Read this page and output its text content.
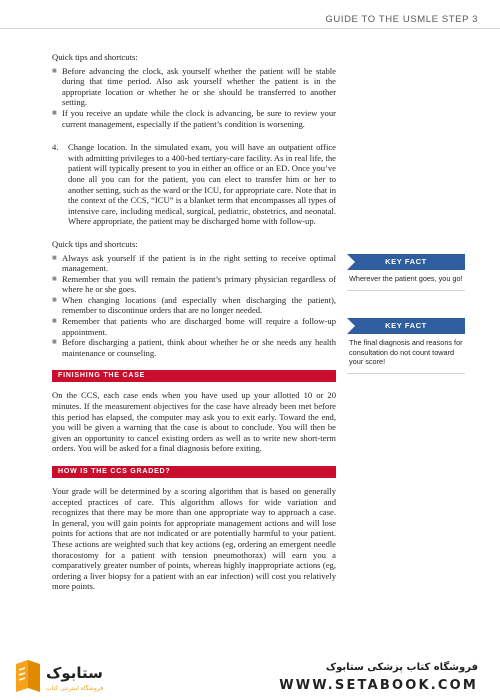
GUIDE TO THE USMLE STEP 3

Quick tips and shortcuts:

■ Before advancing the clock, ask yourself whether the patient will be stable during that time period. Also ask yourself whether the patient is in the appropriate location or whether he or she should be transferred to another setting.
■ If you receive an update while the clock is advancing, be sure to review your current management, especially if the patient’s condition is worsening.

4. Change location. In the simulated exam, you will have an outpatient office with admitting privileges to a 400-bed tertiary-care facility. As in real life, the patient will typically present to you in either an office or an ED. Once you’ve done all you can for the patient, you can elect to transfer him or her to another setting, such as the ward or the ICU, for appropriate care. Note that in the context of the CCS, “ICU” is a blanket term that encompasses all types of intensive care, including medical, surgical, pediatric, obstetrics, and neonatal. Where appropriate, the patient may be discharged home with follow-up.

Quick tips and shortcuts:

■ Always ask yourself if the patient is in the right setting to receive optimal management.
■ Remember that you will remain the patient’s primary physician regardless of where he or she goes.
■ When changing locations (and especially when discharging the patient), remember to discontinue orders that are no longer needed.
■ Remember that patients who are discharged home will require a follow-up appointment.
■ Before discharging a patient, think about whether he or she needs any health maintenance or counseling.
FINISHING THE CASE

On the CCS, each case ends when you have used up your allotted 10 or 20 minutes. If the measurement objectives for the case have already been met before this period has elapsed, the computer may ask you to exit early. Toward the end, you will be given a warning that the case is about to conclude. You will then be given an opportunity to cancel existing orders as well as to write new short-term orders. You will be asked for a final diagnosis before exiting.

HOW IS THE CCS GRADED?

Your grade will be determined by a scoring algorithm that is based on generally accepted practices of care. This algorithm allows for wide variation and recognizes that there may be more than one appropriate way to approach a case. In general, you will gain points for appropriate management actions and will lose points for actions that are not indicated or are potentially harmful to your patient. These actions are weighted such that key actions (eg, ordering an emergent needle thoracostomy for a patient with tension pneumothorax) will earn you a comparatively greater number of points, whereas highly inappropriate actions (eg, ordering a liver biopsy for a patient with an ear infection) will cost you relatively more points.

KEY FACT
Wherever the patient goes, you go!
KEY FACT
The final diagnosis and reasons for consultation do not count toward your score!
ستابوک
فروشگاه اینترنتی کتاب
فروشگاه کتاب پزشکی ستابوک
WWW.SETABOOK.COM
